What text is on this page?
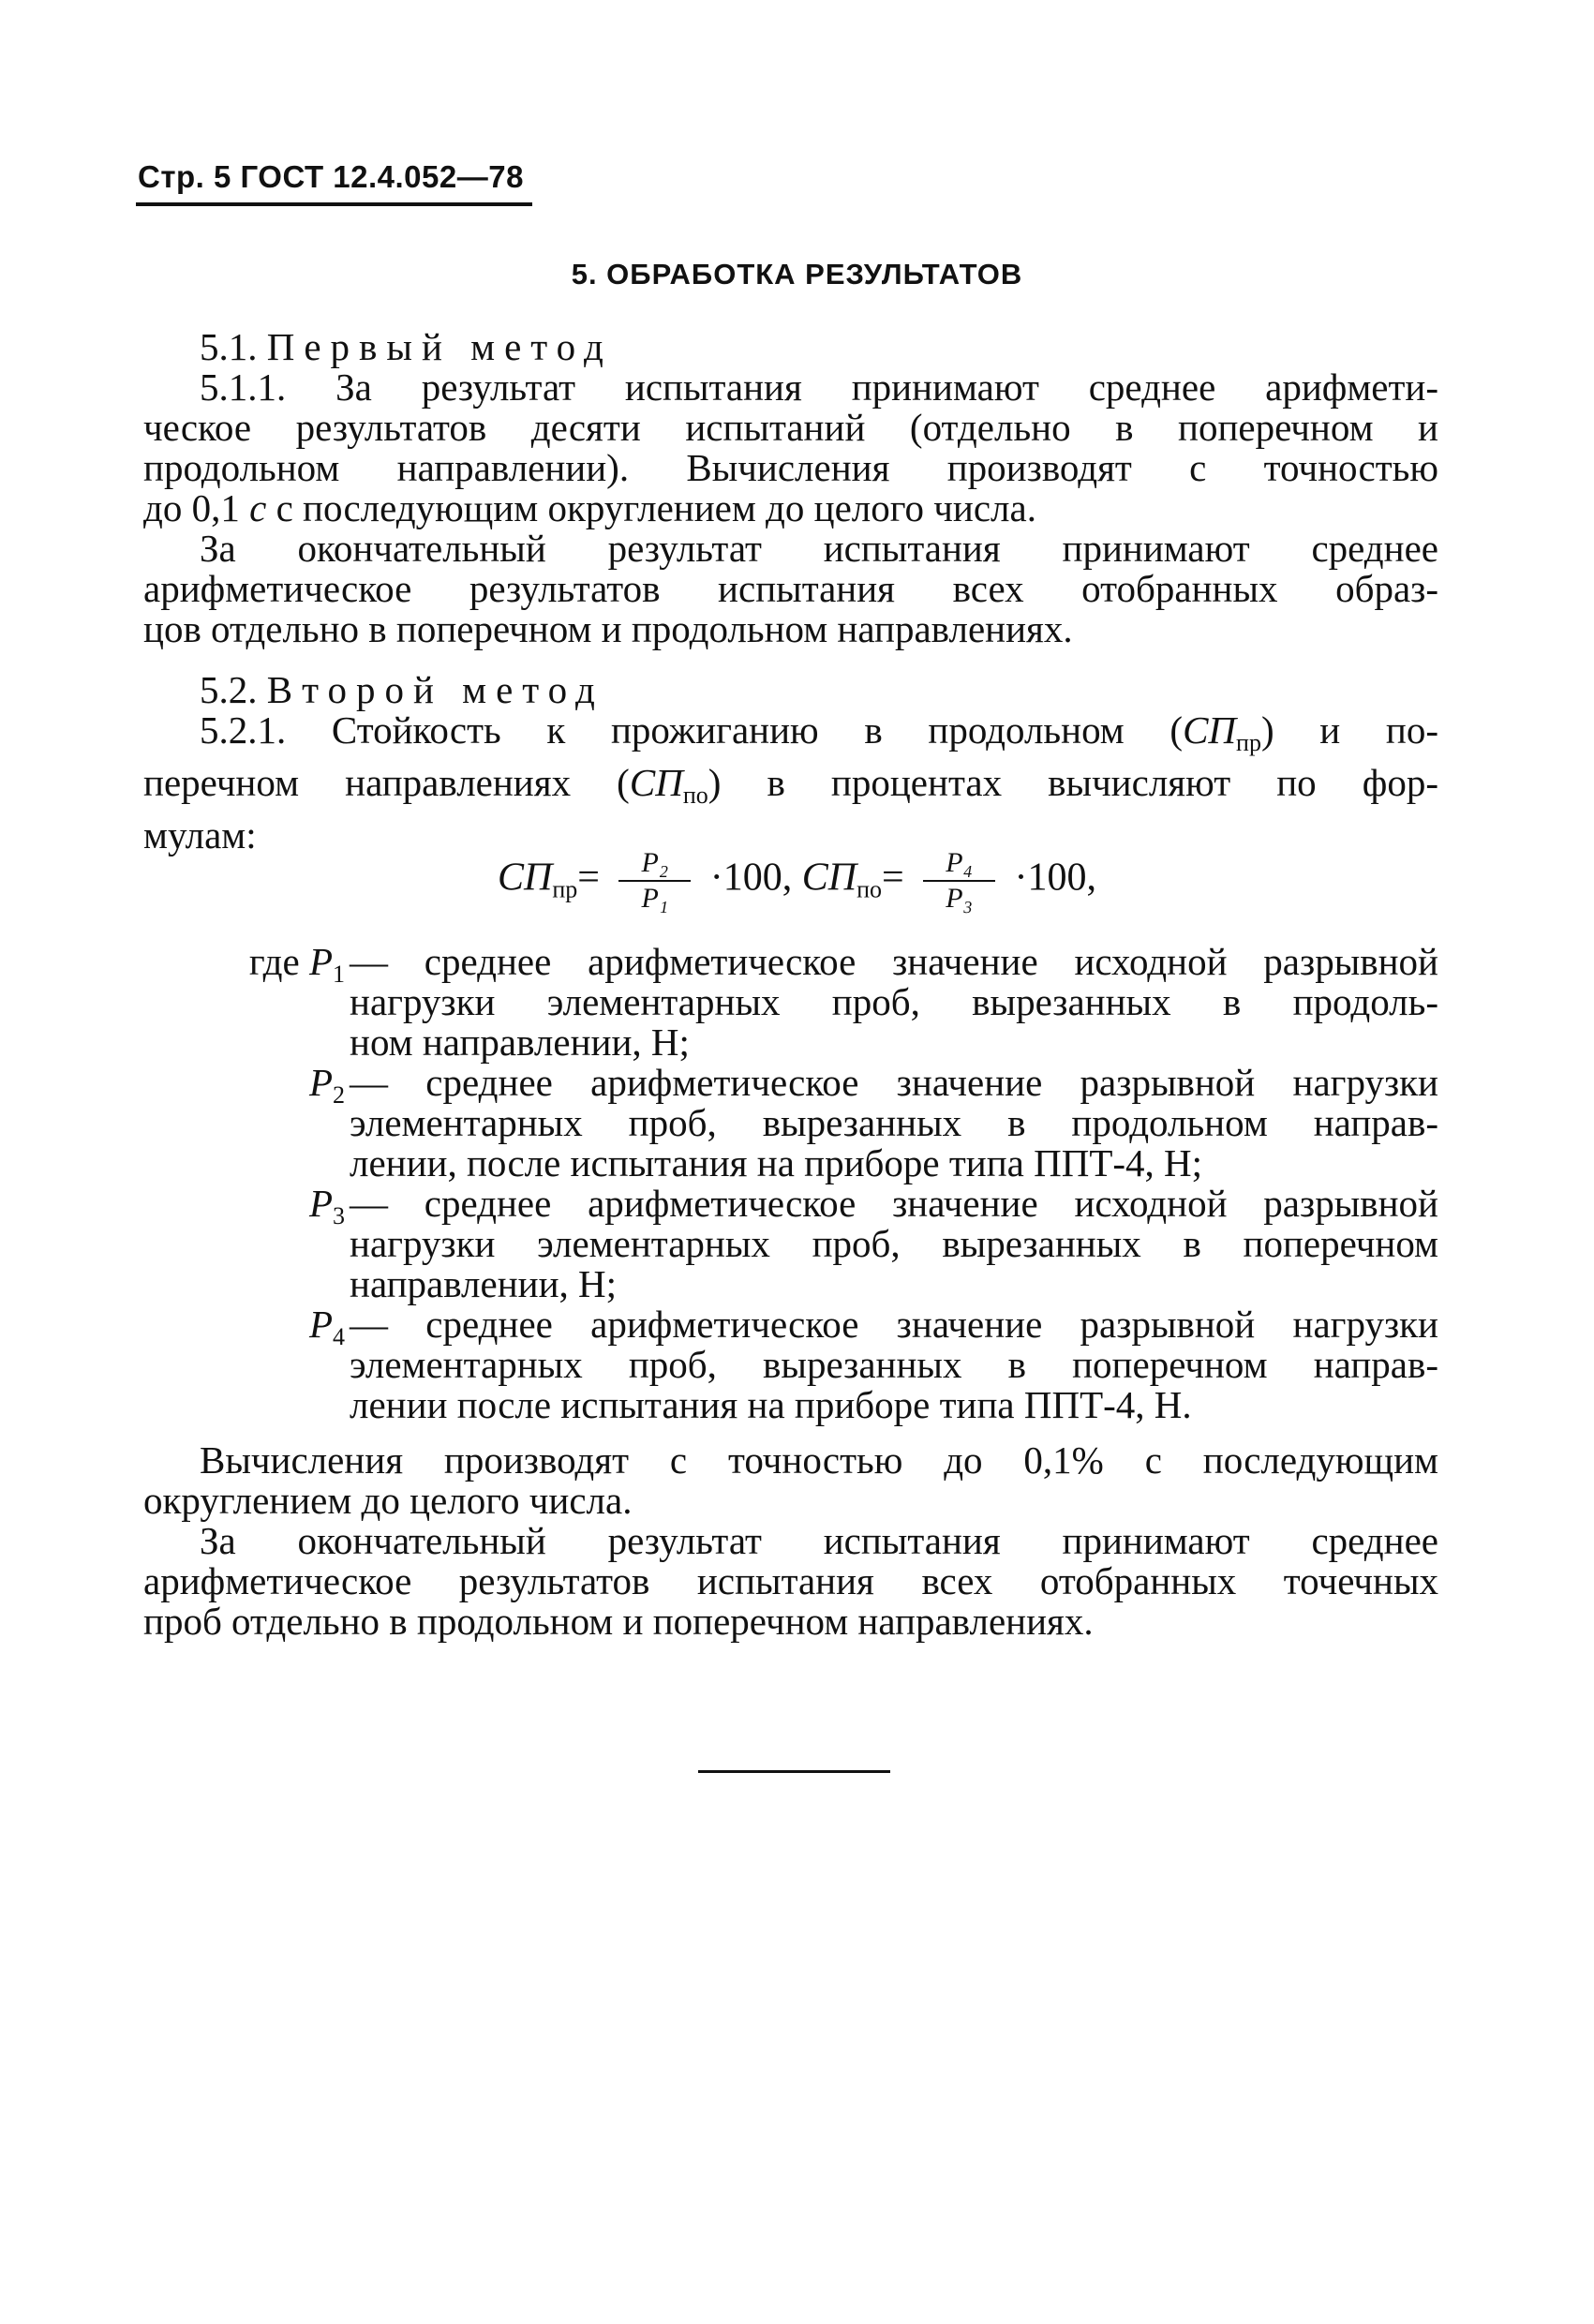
Стр. 5 ГОСТ 12.4.052—78
5. ОБРАБОТКА РЕЗУЛЬТАТОВ
5.1. Первый метод
5.1.1. За результат испытания принимают среднее арифмети -
ческое результатов десяти испытаний (отдельно в поперечном и
продольном направлении). Вычисления производят с точностью
до 0,1 с с последующим округлением до целого числа.
За окончательный результат испытания принимают среднее
арифметическое результатов испытания всех отобранных образ -
цов отдельно в поперечном и продольном направлениях.
5.2. Второй метод
5.2.1. Стойкость к прожиганию в продольном $(СП_{пр})$ и по -
перечном направлениях $(СП_{по})$ в процентах вычисляют по фор -
мулам:
$СП_{пр}= \frac{\text{P₂}}{\text{P₁}} \cdot 100$, $СП_{по}= \frac{\text{P₄}}{\text{P₃}} \cdot 100$,
где $P_1$ — среднее арифметическое значение исходной разрывной
нагрузки элементарных проб, вырезанных в продоль -
ном направлении, Н;
$P_2$ — среднее арифметическое значение разрывной нагрузки
элементарных проб, вырезанных в продольном направ -
лении, после испытания на приборе типа ППТ-4, Н;
$P_3$ — среднее арифметическое значение исходной разрывной
нагрузки элементарных проб, вырезанных в поперечном
направлении, Н;
$P_4$ — среднее арифметическое значение разрывной нагрузки
элементарных проб, вырезанных в поперечном направ -
лении после испытания на приборе типа ППТ-4, Н.
Вычисления производят с точностью до 0,1% с последующим
округлением до целого числа.
За окончательный результат испытания принимают среднее
арифметическое результатов испытания всех отобранных точечных
проб отдельно в продольном и поперечном направлениях.
